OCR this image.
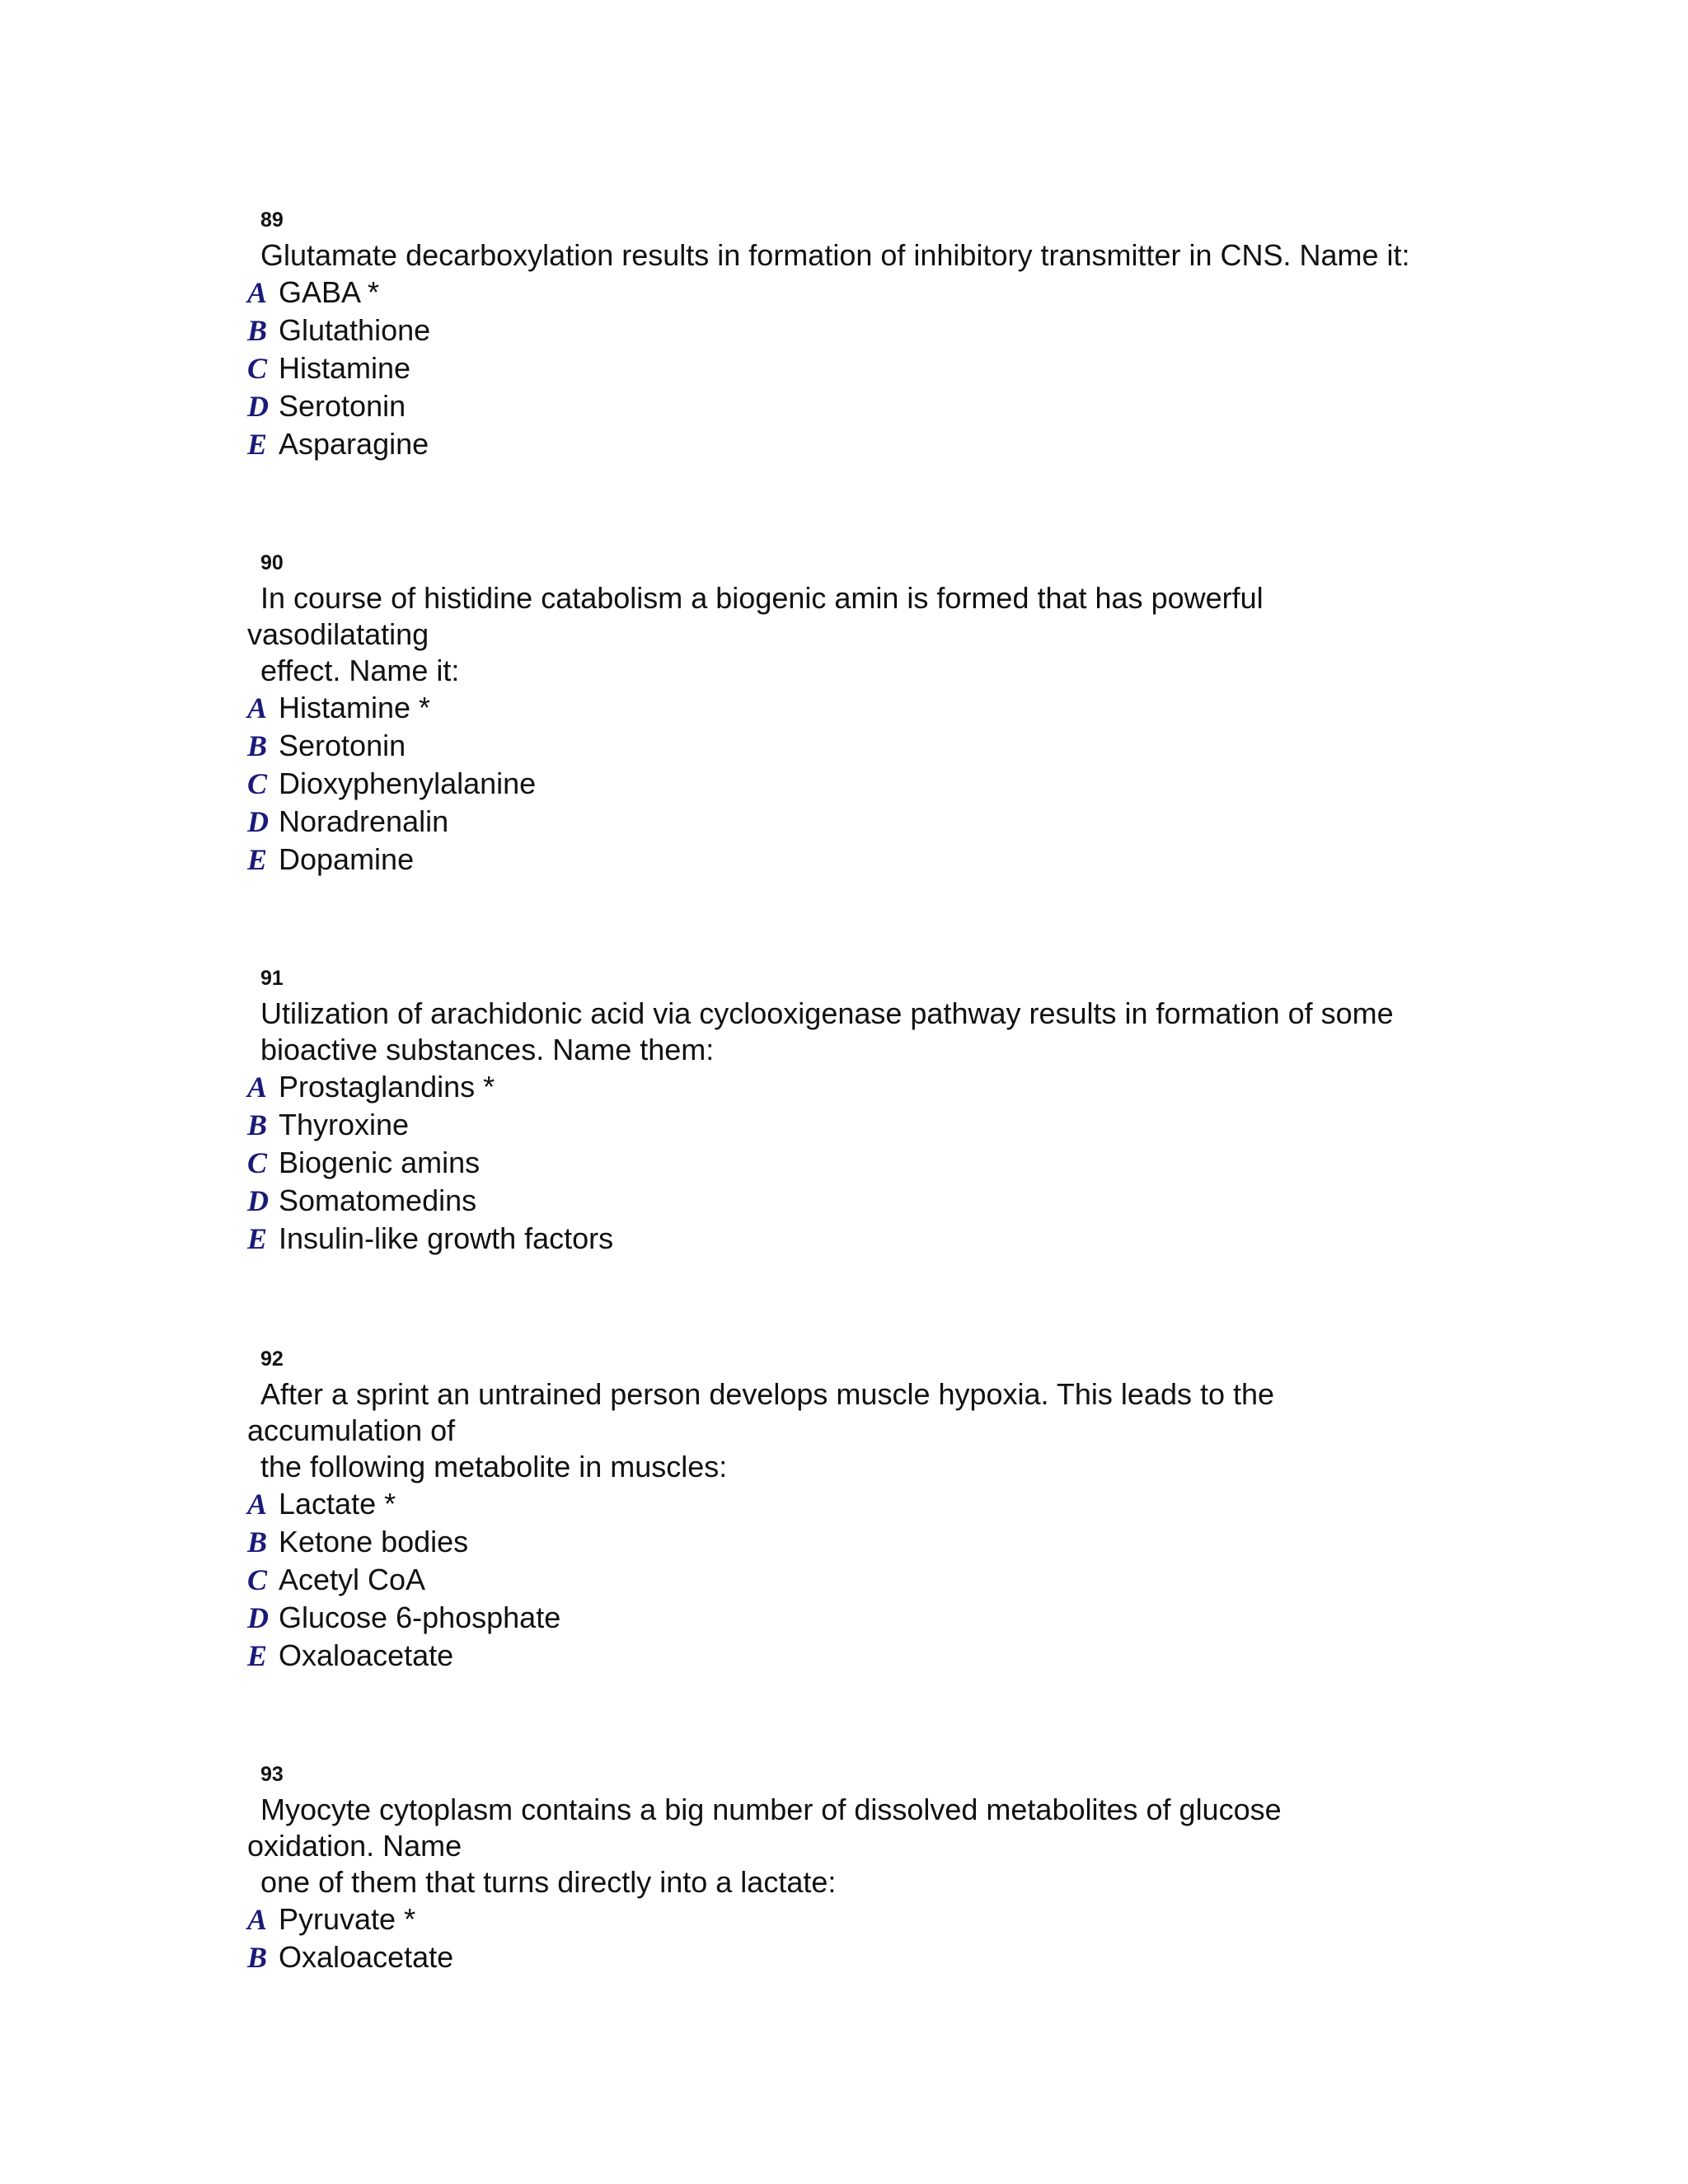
89
Glutamate decarboxylation results in formation of inhibitory transmitter in CNS. Name it:
A GABA *
B Glutathione
C Histamine
D Serotonin
E Asparagine
90
In course of histidine catabolism a biogenic amin is formed that has powerful
vasodilatating
effect. Name it:
A Histamine *
B Serotonin
C Dioxyphenylalanine
D Noradrenalin
E Dopamine
91
Utilization of arachidonic acid via cyclooxigenase pathway results in formation of some
bioactive substances. Name them:
A Prostaglandins *
B Thyroxine
C Biogenic amins
D Somatomedins
E Insulin-like growth factors
92
After a sprint an untrained person develops muscle hypoxia. This leads to the
accumulation of
the following metabolite in muscles:
A Lactate *
B Ketone bodies
C Acetyl CoA
D Glucose 6-phosphate
E Oxaloacetate
93
Myocyte cytoplasm contains a big number of dissolved metabolites of glucose
oxidation. Name
one of them that turns directly into a lactate:
A Pyruvate *
B Oxaloacetate
